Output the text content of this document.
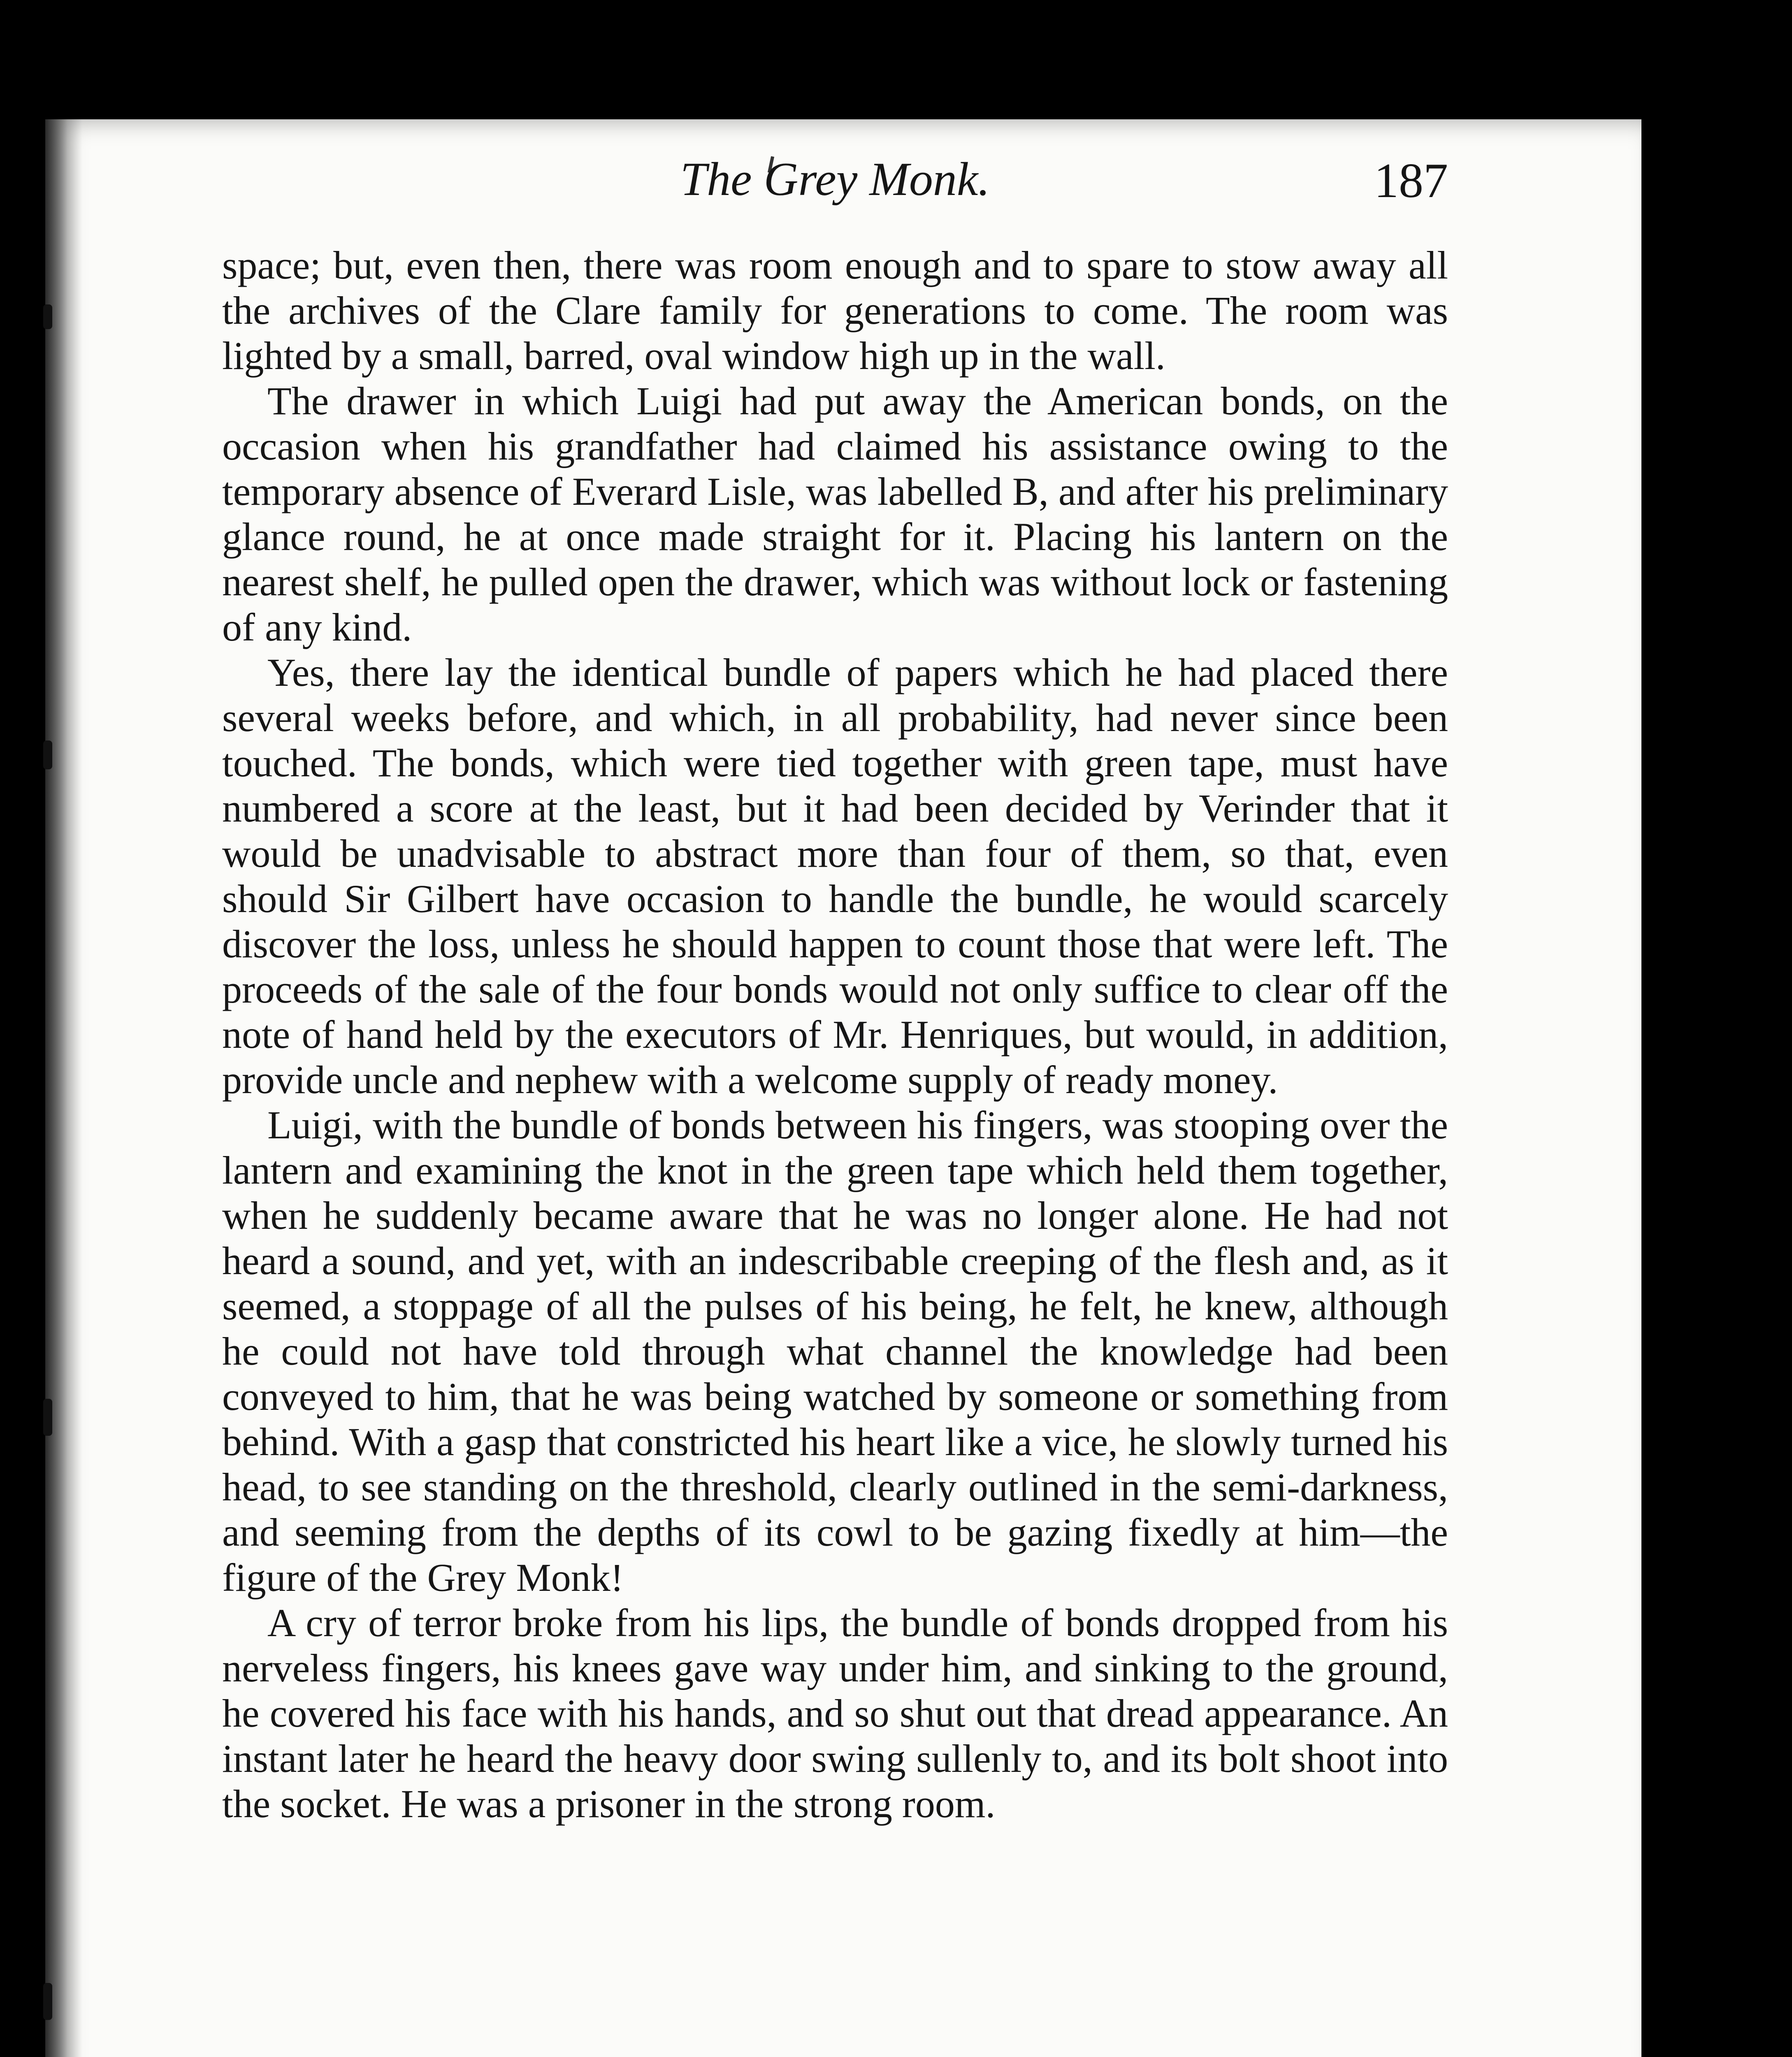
The Grey Monk.	187

space; but, even then, there was room enough and to spare to stow away all the archives of the Clare family for generations to come. The room was lighted by a small, barred, oval window high up in the wall.

The drawer in which Luigi had put away the American bonds, on the occasion when his grandfather had claimed his assistance owing to the temporary absence of Everard Lisle, was labelled B, and after his preliminary glance round, he at once made straight for it. Placing his lantern on the nearest shelf, he pulled open the drawer, which was without lock or fastening of any kind.

Yes, there lay the identical bundle of papers which he had placed there several weeks before, and which, in all probability, had never since been touched. The bonds, which were tied together with green tape, must have numbered a score at the least, but it had been decided by Verinder that it would be unadvisable to abstract more than four of them, so that, even should Sir Gilbert have occasion to handle the bundle, he would scarcely discover the loss, unless he should happen to count those that were left. The proceeds of the sale of the four bonds would not only suffice to clear off the note of hand held by the executors of Mr. Henriques, but would, in addition, provide uncle and nephew with a welcome supply of ready money.

Luigi, with the bundle of bonds between his fingers, was stooping over the lantern and examining the knot in the green tape which held them together, when he suddenly became aware that he was no longer alone. He had not heard a sound, and yet, with an indescribable creeping of the flesh and, as it seemed, a stoppage of all the pulses of his being, he felt, he knew, although he could not have told through what channel the knowledge had been conveyed to him, that he was being watched by someone or something from behind. With a gasp that constricted his heart like a vice, he slowly turned his head, to see standing on the threshold, clearly outlined in the semi-darkness, and seeming from the depths of its cowl to be gazing fixedly at him—the figure of the Grey Monk!

A cry of terror broke from his lips, the bundle of bonds dropped from his nerveless fingers, his knees gave way under him, and sinking to the ground, he covered his face with his hands, and so shut out that dread appearance. An instant later he heard the heavy door swing sullenly to, and its bolt shoot into the socket. He was a prisoner in the strong room.
